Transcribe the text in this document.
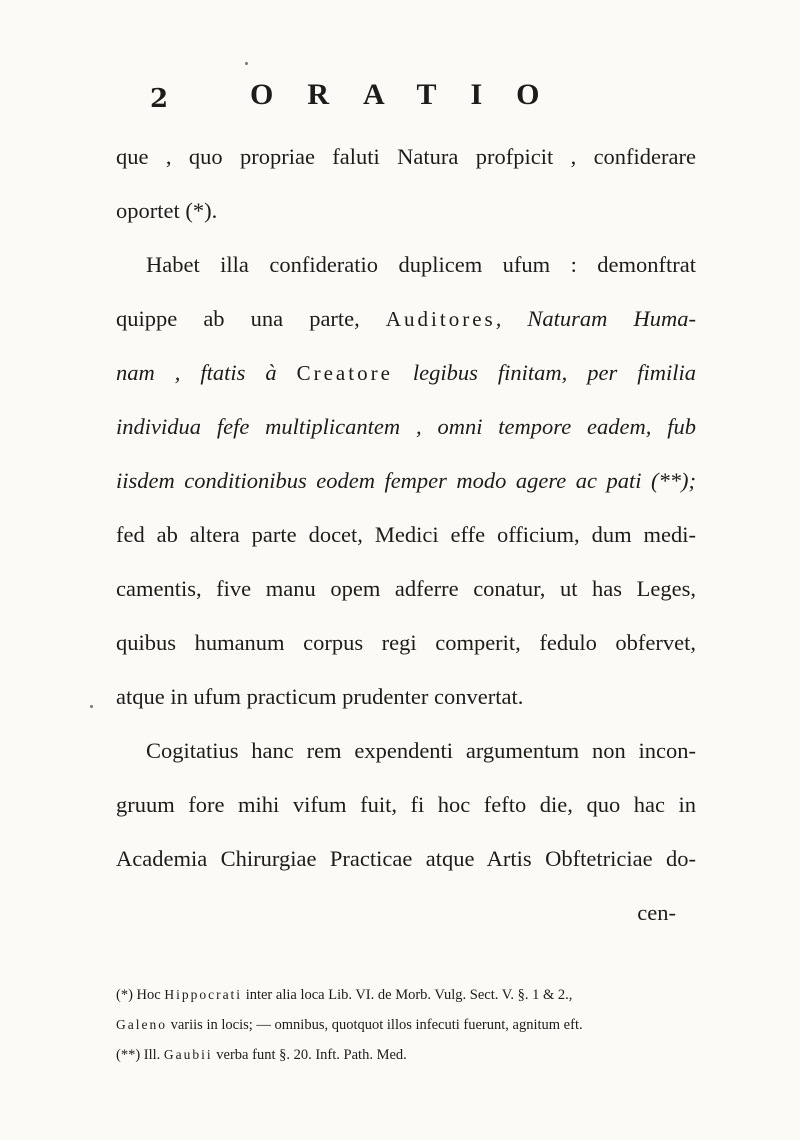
2	ORATIO
que , quo propriae faluti Natura profpicit , confiderare
oportet (*).
Habet illa confideratio duplicem ufum : demonftrat
quippe ab una parte, Auditores, Naturam Huma-
nam , ftatis à Creatore legibus finitam, per fimilia
individua fefe multiplicantem , omni tempore eadem, fub
iisdem conditionibus eodem femper modo agere ac pati (**);
fed ab altera parte docet, Medici effe officium, dum medi-
camentis, five manu opem adferre conatur, ut has Leges,
quibus humanum corpus regi comperit, fedulo obfervet,
atque in ufum practicum prudenter convertat.
Cogitatius hanc rem expendenti argumentum non incon-
gruum fore mihi vifum fuit, fi hoc fefto die, quo hac in
Academia Chirurgiae Practicae atque Artis Obftetriciae do-
cen-
(*) Hoc Hippocrati inter alia loca Lib. VI. de Morb. Vulg. Sect. V. §. 1 & 2.,
Galeno variis in locis; — omnibus, quotquot illos infecuti fuerunt, agnitum eft.
(**) Ill. Gaubii verba funt §. 20. Inft. Path. Med.
